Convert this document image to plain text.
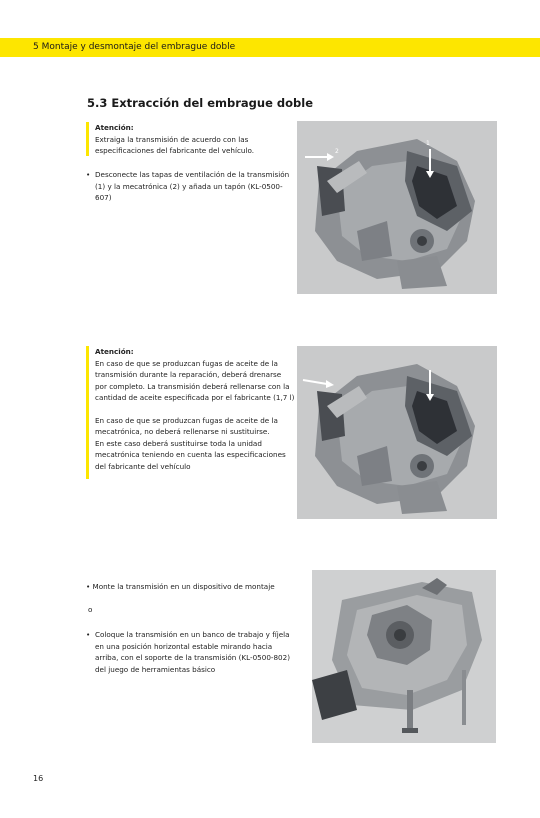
5 Montaje y desmontaje del embrague doble
5.3 Extracción del embrague doble
Atención:
Extraiga la transmisión de acuerdo con las
especificaciones del fabricante del vehículo.
• Desconecte las tapas de ventilación de la transmisión
(1) y la mecatrónica (2) y añada un tapón (KL-0500-607)
2
1
Atención:
En caso de que se produzcan fugas de aceite de la
transmisión durante la reparación, deberá drenarse
por completo. La transmisión deberá rellenarse con la
cantidad de aceite especificada por el fabricante (1,7 l)
En caso de que se produzcan fugas de aceite de la
mecatrónica, no deberá rellenarse ni sustituirse.
En este caso deberá sustituirse toda la unidad
mecatrónica teniendo en cuenta las especificaciones
del fabricante del vehículo
• Monte la transmisión en un dispositivo de montaje
o
• Coloque la transmisión en un banco de trabajo y fíjela
en una posición horizontal estable mirando hacia
arriba, con el soporte de la transmisión (KL-0500-802)
del juego de herramientas básico
16
